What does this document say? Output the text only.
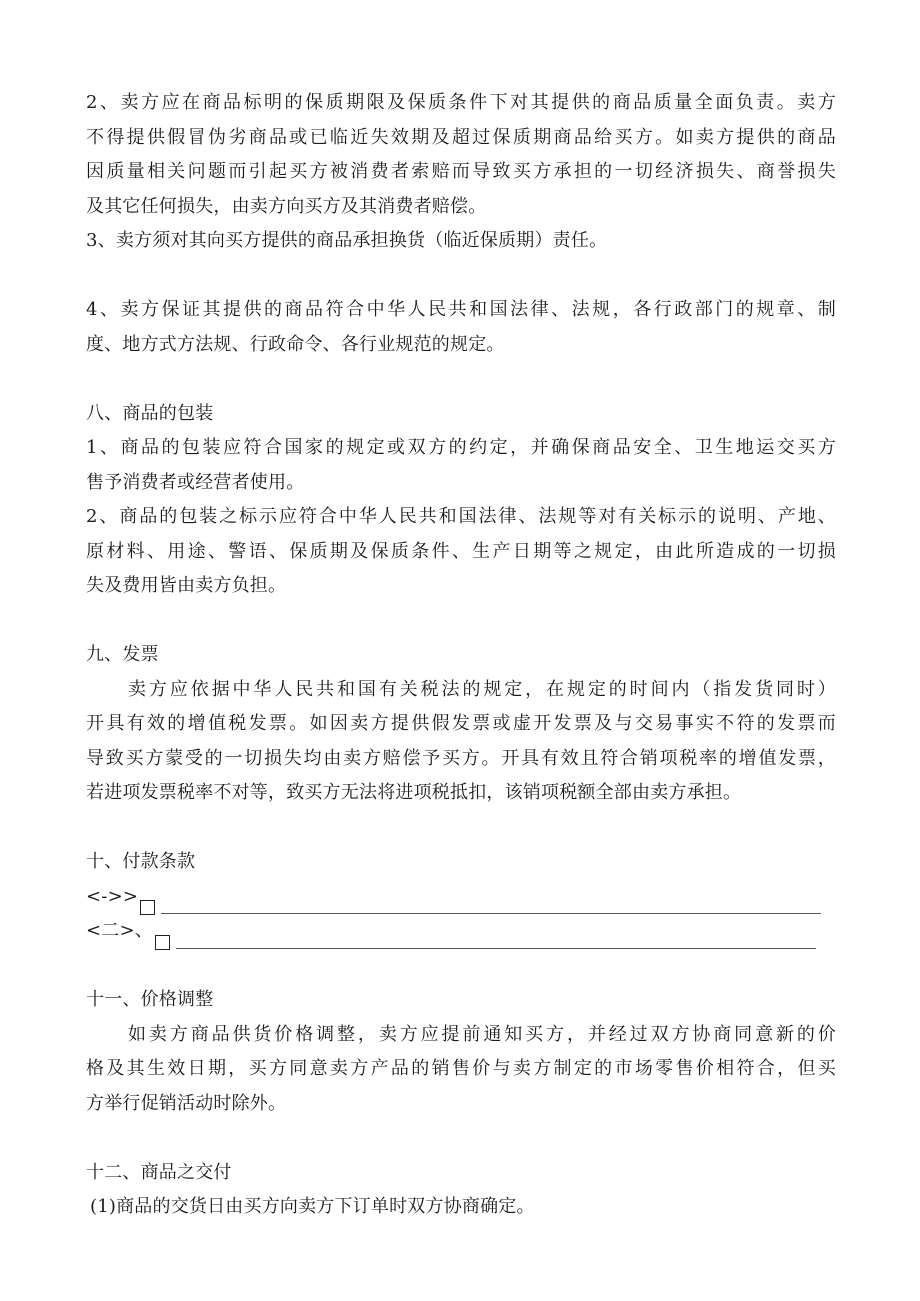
2、卖方应在商品标明的保质期限及保质条件下对其提供的商品质量全面负责。卖方
不得提供假冒伪劣商品或已临近失效期及超过保质期商品给买方。如卖方提供的商品
因质量相关问题而引起买方被消费者索赔而导致买方承担的一切经济损失、商誉损失
及其它任何损失，由卖方向买方及其消费者赔偿。
3、卖方须对其向买方提供的商品承担换货（临近保质期）责任。
4、卖方保证其提供的商品符合中华人民共和国法律、法规，各行政部门的规章、制
度、地方式方法规、行政命令、各行业规范的规定。
八、商品的包装
1、商品的包装应符合国家的规定或双方的约定，并确保商品安全、卫生地运交买方
售予消费者或经营者使用。
2、商品的包装之标示应符合中华人民共和国法律、法规等对有关标示的说明、产地、
原材料、用途、警语、保质期及保质条件、生产日期等之规定，由此所造成的一切损
失及费用皆由卖方负担。
九、发票
卖方应依据中华人民共和国有关税法的规定，在规定的时间内（指发货同时）
开具有效的增值税发票。如因卖方提供假发票或虚开发票及与交易事实不符的发票而
导致买方蒙受的一切损失均由卖方赔偿予买方。开具有效且符合销项税率的增值发票，
若进项发票税率不对等，致买方无法将进项税抵扣，该销项税额全部由卖方承担。
十、付款条款
<->>
<二>、
十一、价格调整
如卖方商品供货价格调整，卖方应提前通知买方，并经过双方协商同意新的价
格及其生效日期，买方同意卖方产品的销售价与卖方制定的市场零售价相符合，但买
方举行促销活动时除外。
十二、商品之交付
(1)商品的交货日由买方向卖方下订单时双方协商确定。
